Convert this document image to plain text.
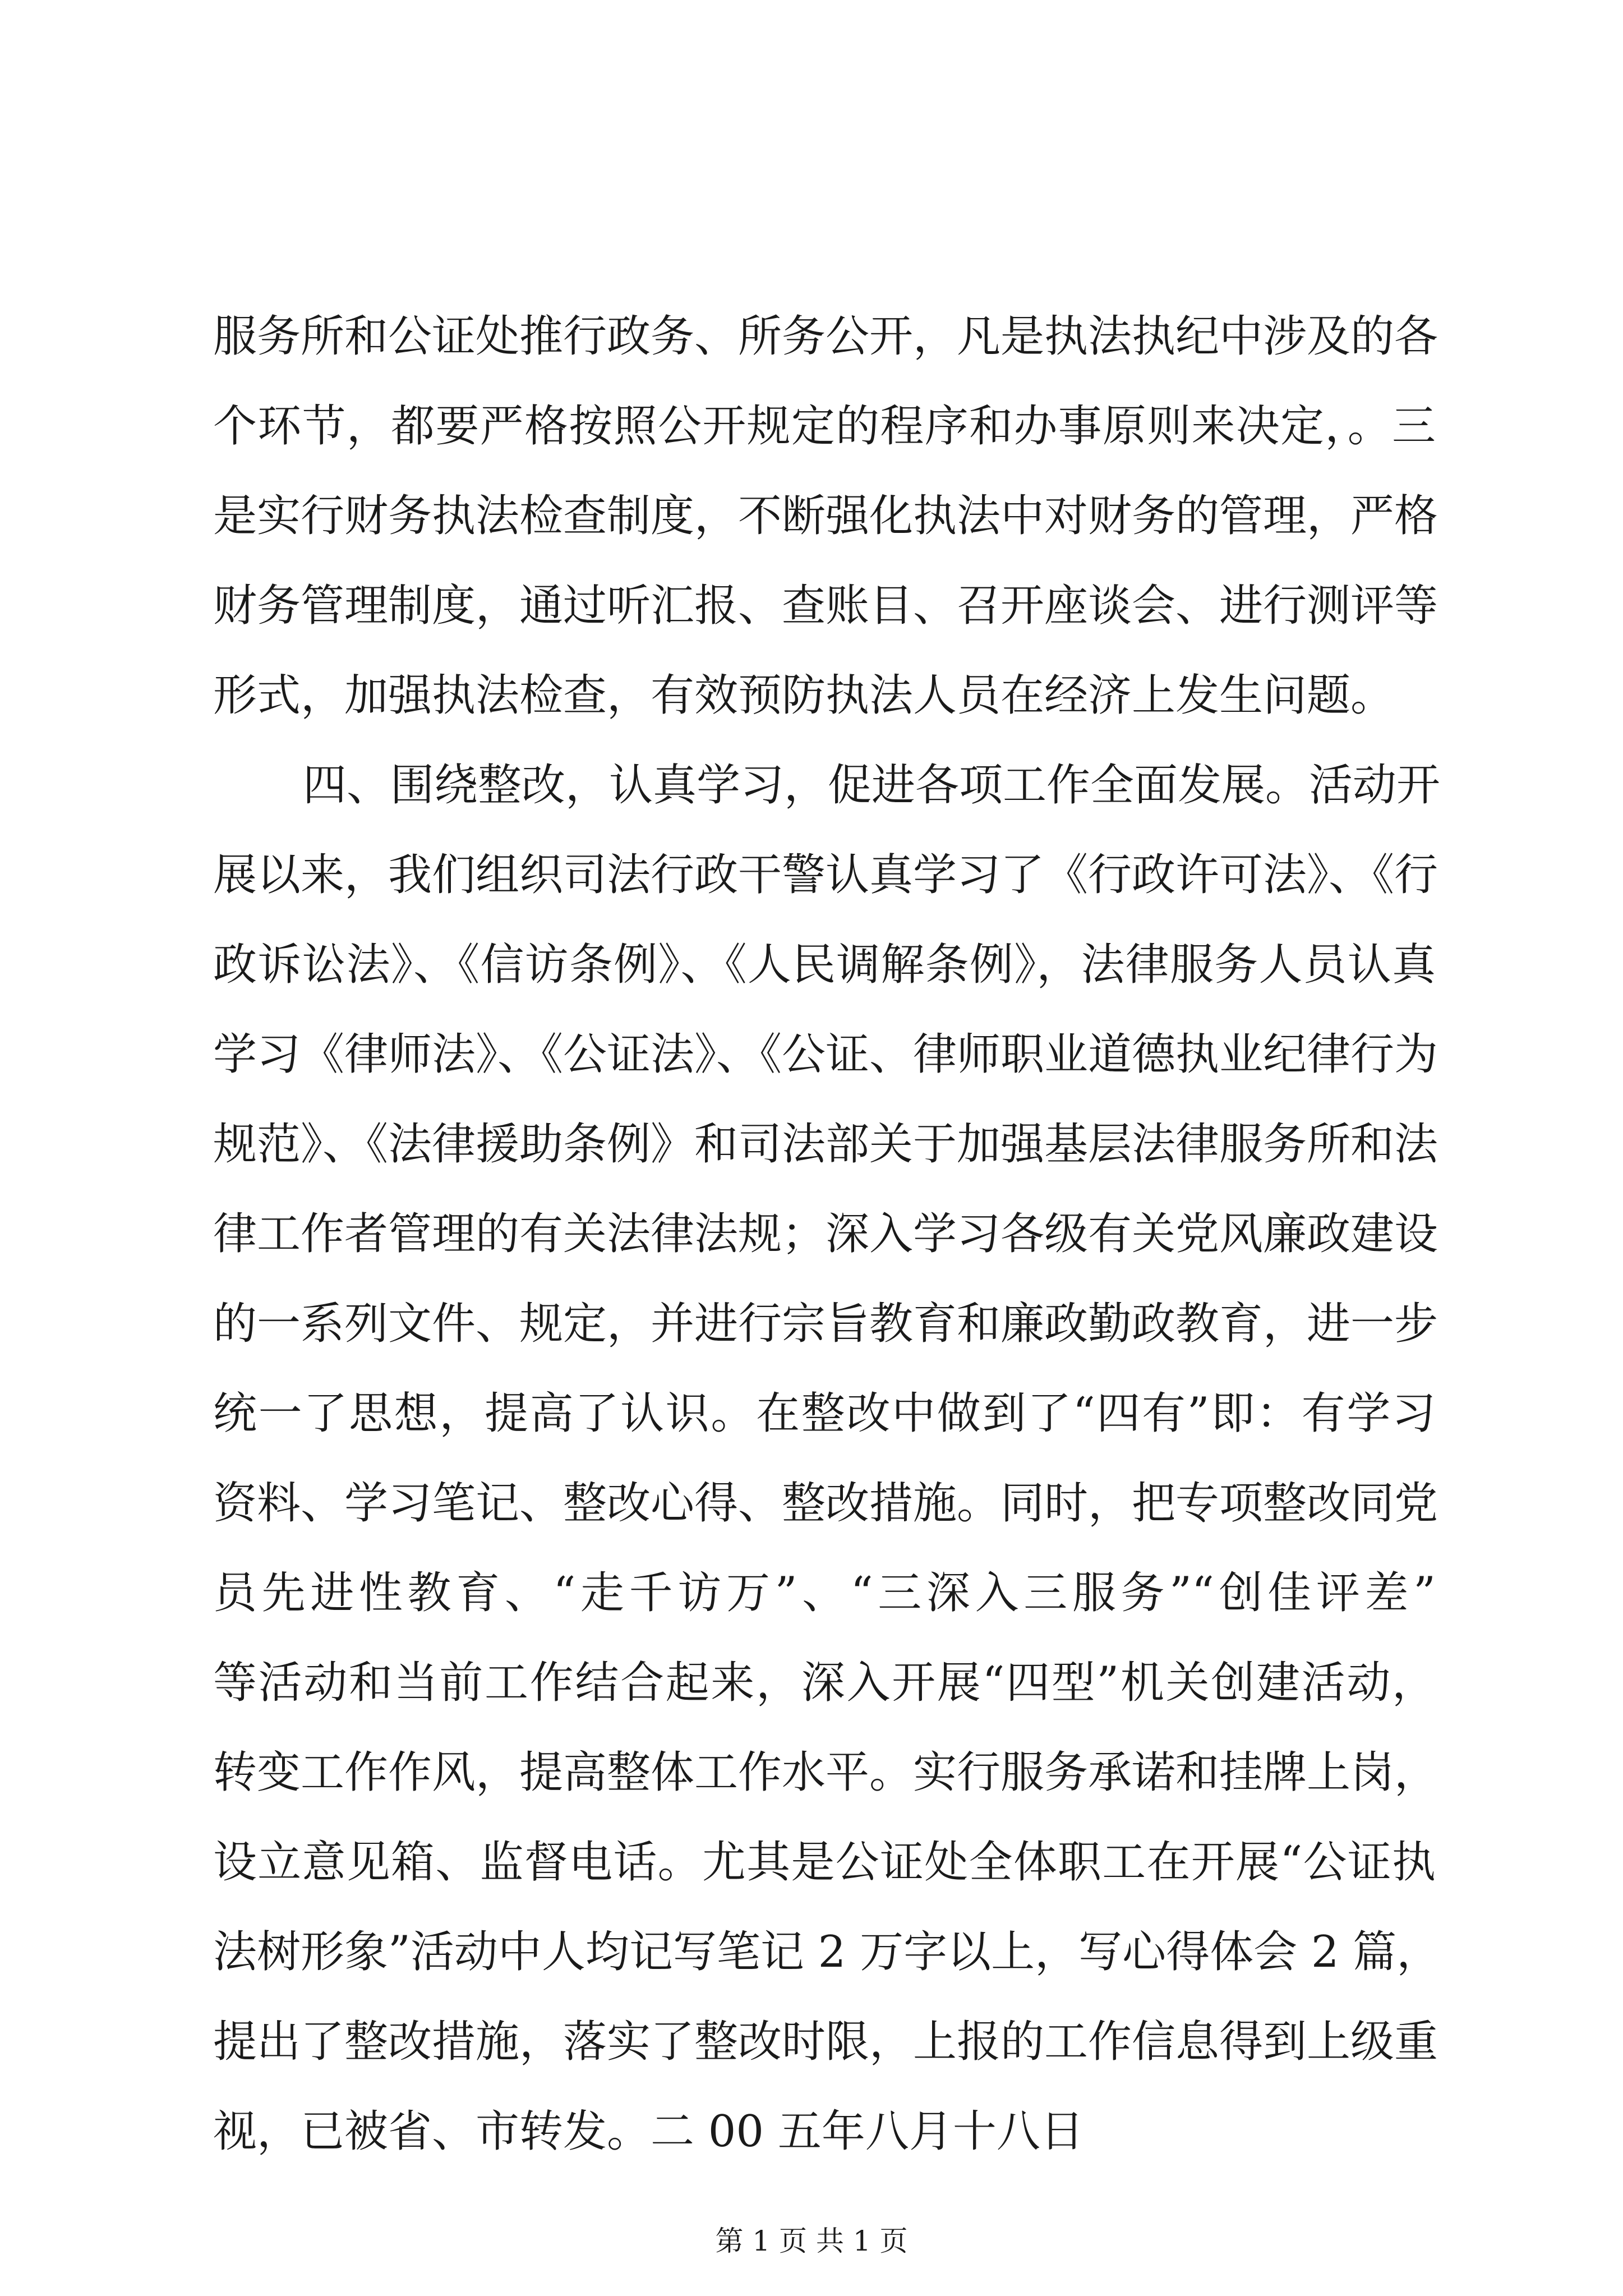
服务所和公证处推行政务、所务公开，凡是执法执纪中涉及的各
个环节，都要严格按照公开规定的程序和办事原则来决定，。三
是实行财务执法检查制度，不断强化执法中对财务的管理，严格
财务管理制度，通过听汇报、查账目、召开座谈会、进行测评等
形式，加强执法检查，有效预防执法人员在经济上发生问题。
四、围绕整改，认真学习，促进各项工作全面发展。活动开
展以来，我们组织司法行政干警认真学习了《行政许可法》、《行
政诉讼法》、《信访条例》、《人民调解条例》，法律服务人员认真
学习《律师法》、《公证法》、《公证、律师职业道德执业纪律行为
规范》、《法律援助条例》和司法部关于加强基层法律服务所和法
律工作者管理的有关法律法规；深入学习各级有关党风廉政建设
的一系列文件、规定，并进行宗旨教育和廉政勤政教育，进一步
统一了思想，提高了认识。在整改中做到了“四有”即：有学习
资料、学习笔记、整改心得、整改措施。同时，把专项整改同党
员先进性教育、“走千访万”、“三深入三服务”“创佳评差”
等活动和当前工作结合起来，深入开展“四型”机关创建活动，
转变工作作风，提高整体工作水平。实行服务承诺和挂牌上岗，
设立意见箱、监督电话。尤其是公证处全体职工在开展“公证执
法树形象”活动中人均记写笔记 2 万字以上，写心得体会 2 篇，
提出了整改措施，落实了整改时限，上报的工作信息得到上级重
视，已被省、市转发。二 00 五年八月十八日
第 1 页 共 1 页
